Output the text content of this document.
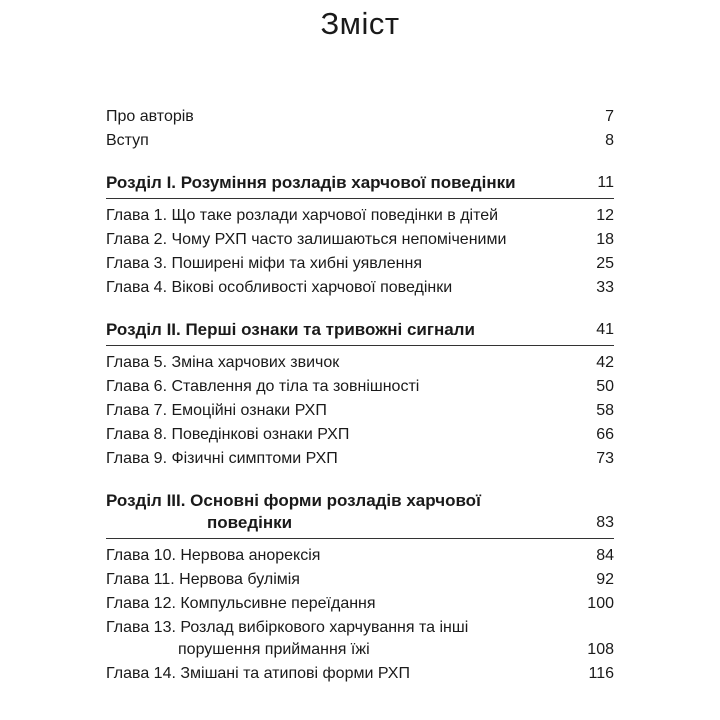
Зміст
Про авторів	7
Вступ	8
Розділ І. Розуміння розладів харчової поведінки	11
Глава 1. Що таке розлади харчової поведінки в дітей	12
Глава 2. Чому РХП часто залишаються непоміченими	18
Глава 3. Поширені міфи та хибні уявлення	25
Глава 4. Вікові особливості харчової поведінки	33
Розділ ІІ. Перші ознаки та тривожні сигнали	41
Глава 5. Зміна харчових звичок	42
Глава 6. Ставлення до тіла та зовнішності	50
Глава 7. Емоційні ознаки РХП	58
Глава 8. Поведінкові ознаки РХП	66
Глава 9. Фізичні симптоми РХП	73
Розділ ІІІ. Основні форми розладів харчової
поведінки	83
Глава 10. Нервова анорексія	84
Глава 11. Нервова булімія	92
Глава 12. Компульсивне переїдання	100
Глава 13. Розлад вибіркового харчування та інші
порушення приймання їжі	108
Глава 14. Змішані та атипові форми РХП	116
